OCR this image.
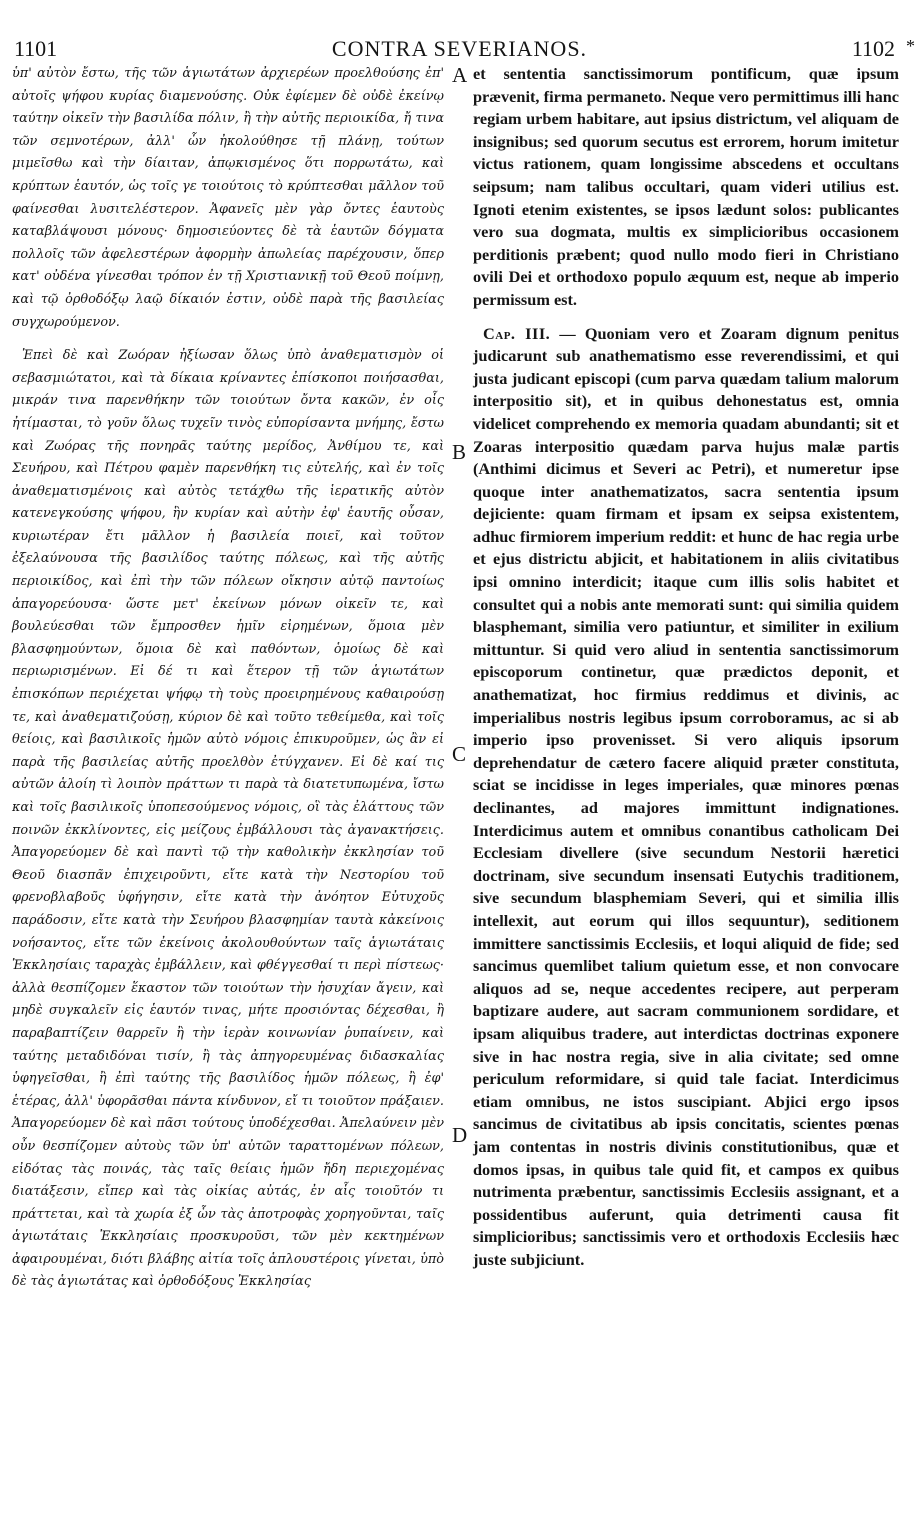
1101	CONTRA SEVERIANOS.	1102 *

ὑπ' αὐτὸν ἔστω, τῆς τῶν ἁγιωτάτων ἀρχιερέων προελθούσης ἐπ' αὐτοῖς ψήφου κυρίας διαμενούσης. Οὐκ ἐφίεμεν δὲ οὐδὲ ἐκείνῳ ταύτην οἰκεῖν τὴν βασιλίδα πόλιν, ἢ τὴν αὐτῆς περιοικίδα, ἤ τινα τῶν σεμνοτέρων, ἀλλ' ὧν ἠκολούθησε τῇ πλάνῃ, τούτων μιμεῖσθω καὶ τὴν δίαιταν, ἀπῳκισμένος ὅτι πορρωτάτω, καὶ κρύπτων ἑαυτόν, ὡς τοῖς γε τοιούτοις τὸ κρύπτεσθαι μᾶλλον τοῦ φαίνεσθαι λυσιτελέστερον. Ἀφανεῖς μὲν γὰρ ὄντες ἑαυτοὺς καταβλάψουσι μόνους· δημοσιεύοντες δὲ τὰ ἑαυτῶν δόγματα πολλοῖς τῶν ἀφελεστέρων ἀφορμὴν ἀπωλείας παρέχουσιν, ὅπερ κατ' οὐδένα γίνεσθαι τρόπον ἐν τῇ Χριστιανικῇ τοῦ Θεοῦ ποίμνῃ, καὶ τῷ ὀρθοδόξῳ λαῷ δίκαιόν ἐστιν, οὐδὲ παρὰ τῆς βασιλείας συγχωρούμενον.

Ἐπεὶ δὲ καὶ Ζωόραν ἠξίωσαν ὅλως ὑπὸ ἀναθεματισμὸν οἱ σεβασμιώτατοι, καὶ τὰ δίκαια κρίναντες ἐπίσκοποι ποιήσασθαι, μικράν τινα παρενθήκην τῶν τοιούτων ὄντα κακῶν, ἐν οἷς ἠτίμασται, τὸ γοῦν ὅλως τυχεῖν τινὸς εὐπορίσαντα μνήμης, ἔστω καὶ Ζωόρας τῆς πονηρᾶς ταύτης μερίδος, Ἀνθίμου τε, καὶ Σευήρου, καὶ Πέτρου φαμὲν παρενθήκη τις εὐτελής, καὶ ἐν τοῖς ἀναθεματισμένοις καὶ αὐτὸς τετάχθω τῆς ἱερατικῆς αὐτὸν κατενεγκούσης ψήφου, ἣν κυρίαν καὶ αὐτὴν ἐφ' ἑαυτῆς οὖσαν, κυριωτέραν ἔτι μᾶλλον ἡ βασιλεία ποιεῖ, καὶ τοῦτον ἐξελαύνουσα τῆς βασιλίδος ταύτης πόλεως, καὶ τῆς αὐτῆς περιοικίδος, καὶ ἐπὶ τὴν τῶν πόλεων οἴκησιν αὐτῷ παντοίως ἀπαγορεύουσα· ὥστε μετ' ἐκείνων μόνων οἰκεῖν τε, καὶ βουλεύεσθαι τῶν ἔμπροσθεν ἡμῖν εἰρημένων, ὅμοια μὲν βλασφημούντων, ὅμοια δὲ καὶ παθόντων, ὁμοίως δὲ καὶ περιωρισμένων. Εἰ δέ τι καὶ ἕτερον τῇ τῶν ἁγιωτάτων ἐπισκόπων περιέχεται ψήφῳ τὴ τοὺς προειρημένους καθαιρούσῃ τε, καὶ ἀναθεματιζούσῃ, κύριον δὲ καὶ τοῦτο τεθείμεθα, καὶ τοῖς θείοις, καὶ βασιλικοῖς ἡμῶν αὐτὸ νόμοις ἐπικυροῦμεν, ὡς ἂν εἰ παρὰ τῆς βασιλείας αὐτῆς προελθὸν ἐτύγχανεν. Εἰ δὲ καί τις αὐτῶν ἁλοίη τὶ λοιπὸν πράττων τι παρὰ τὰ διατετυπωμένα, ἴστω καὶ τοῖς βασιλικοῖς ὑποπεσούμενος νόμοις, οἳ τὰς ἐλάττους τῶν ποινῶν ἐκκλίνοντες, εἰς μείζους ἐμβάλλουσι τὰς ἀγανακτήσεις. Ἀπαγορεύομεν δὲ καὶ παντὶ τῷ τὴν καθολικὴν ἐκκλησίαν τοῦ Θεοῦ διασπᾶν ἐπιχειροῦντι, εἴτε κατὰ τὴν Νεστορίου τοῦ φρενοβλαβοῦς ὑφήγησιν, εἴτε κατὰ τὴν ἀνόητον Εὐτυχοῦς παράδοσιν, εἴτε κατὰ τὴν Σευήρου βλασφημίαν ταυτὰ κἀκείνοις νοήσαντος, εἴτε τῶν ἐκείνοις ἀκολουθούντων ταῖς ἁγιωτάταις Ἐκκλησίαις ταραχὰς ἐμβάλλειν, καὶ φθέγγεσθαί τι περὶ πίστεως· ἀλλὰ θεσπίζομεν ἕκαστον τῶν τοιούτων τὴν ἡσυχίαν ἄγειν, καὶ μηδὲ συγκαλεῖν εἰς ἑαυτόν τινας, μήτε προσιόντας δέχεσθαι, ἢ παραβαπτίζειν θαρρεῖν ἢ τὴν ἱερὰν κοινωνίαν ῥυπαίνειν, καὶ ταύτης μεταδιδόναι τισίν, ἢ τὰς ἀπηγορευμένας διδασκαλίας ὑφηγεῖσθαι, ἢ ἐπὶ ταύτης τῆς βασιλίδος ἡμῶν πόλεως, ἢ ἐφ' ἑτέρας, ἀλλ' ὑφορᾶσθαι πάντα κίνδυνον, εἴ τι τοιοῦτον πράξαιεν. Ἀπαγορεύομεν δὲ καὶ πᾶσι τούτους ὑποδέχεσθαι. Ἀπελαύνειν μὲν οὖν θεσπίζομεν αὐτοὺς τῶν ὑπ' αὐτῶν ταραττομένων πόλεων, εἰδότας τὰς ποινάς, τὰς ταῖς θείαις ἡμῶν ἤδη περιεχομένας διατάξεσιν, εἴπερ καὶ τὰς οἰκίας αὐτάς, ἐν αἷς τοιοῦτόν τι πράττεται, καὶ τὰ χωρία ἐξ ὧν τὰς ἀποτροφὰς χορηγοῦνται, ταῖς ἁγιωτάταις Ἐκκλησίαις προσκυροῦσι, τῶν μὲν κεκτημένων ἀφαιρουμέναι, διότι βλάβης αἰτία τοῖς ἁπλουστέροις γίνεται, ὑπὸ δὲ τὰς ἁγιωτάτας καὶ ὀρθοδόξους Ἐκκλησίας

A
B
C
D

et sententia sanctissimorum pontificum, quæ ipsum prævenit, firma permaneto. Neque vero permittimus illi hanc regiam urbem habitare, aut ipsius districtum, vel aliquam de insignibus; sed quorum secutus est errorem, horum imitetur victus rationem, quam longissime abscedens et occultans seipsum; nam talibus occultari, quam videri utilius est. Ignoti etenim existentes, se ipsos lædunt solos: publicantes vero sua dogmata, multis ex simplicioribus occasionem perditionis præbent; quod nullo modo fieri in Christiano ovili Dei et orthodoxo populo æquum est, neque ab imperio permissum est.

Cap. III. — Quoniam vero et Zoaram dignum penitus judicarunt sub anathematismo esse reverendissimi, et qui justa judicant episcopi (cum parva quædam talium malorum interpositio sit), et in quibus dehonestatus est, omnia videlicet comprehendo ex memoria quadam abundanti; sit et Zoaras interpositio quædam parva hujus malæ partis (Anthimi dicimus et Severi ac Petri), et numeretur ipse quoque inter anathematizatos, sacra sententia ipsum dejiciente: quam firmam et ipsam ex seipsa existentem, adhuc firmiorem imperium reddit: et hunc de hac regia urbe et ejus districtu abjicit, et habitationem in aliis civitatibus ipsi omnino interdicit; itaque cum illis solis habitet et consultet qui a nobis ante memorati sunt: qui similia quidem blasphemant, similia vero patiuntur, et similiter in exilium mittuntur. Si quid vero aliud in sententia sanctissimorum episcoporum continetur, quæ prædictos deponit, et anathematizat, hoc firmius reddimus et divinis, ac imperialibus nostris legibus ipsum corroboramus, ac si ab imperio ipso provenisset. Si vero aliquis ipsorum deprehendatur de cætero facere aliquid præter constituta, sciat se incidisse in leges imperiales, quæ minores pœnas declinantes, ad majores immittunt indignationes. Interdicimus autem et omnibus conantibus catholicam Dei Ecclesiam divellere (sive secundum Nestorii hæretici doctrinam, sive secundum insensati Eutychis traditionem, sive secundum blasphemiam Severi, qui et similia illis intellexit, aut eorum qui illos sequuntur), seditionem immittere sanctissimis Ecclesiis, et loqui aliquid de fide; sed sancimus quemlibet talium quietum esse, et non convocare aliquos ad se, neque accedentes recipere, aut perperam baptizare audere, aut sacram communionem sordidare, et ipsam aliquibus tradere, aut interdictas doctrinas exponere sive in hac nostra regia, sive in alia civitate; sed omne periculum reformidare, si quid tale faciat. Interdicimus etiam omnibus, ne istos suscipiant. Abjici ergo ipsos sancimus de civitatibus ab ipsis concitatis, scientes pœnas jam contentas in nostris divinis constitutionibus, quæ et domos ipsas, in quibus tale quid fit, et campos ex quibus nutrimenta præbentur, sanctissimis Ecclesiis assignant, et a possidentibus auferunt, quia detrimenti causa fit simplicioribus; sanctissimis vero et orthodoxis Ecclesiis hæc juste subjiciunt.
